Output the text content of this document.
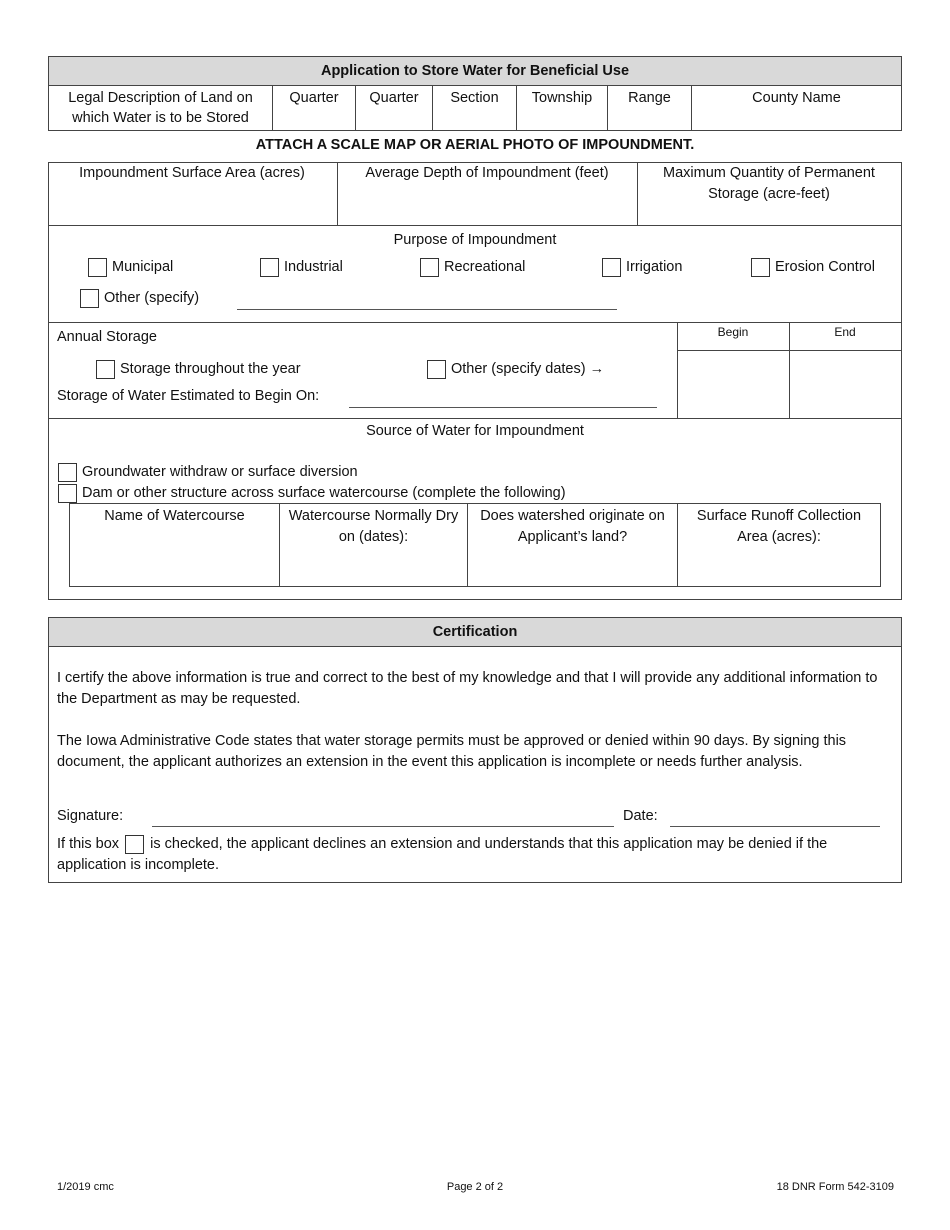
Application to Store Water for Beneficial Use
Legal Description of Land on which Water is to be Stored	Quarter	Quarter	Section	Township	Range	County Name
ATTACH A SCALE MAP OR AERIAL PHOTO OF IMPOUNDMENT.
Impoundment Surface Area (acres)	Average Depth of Impoundment (feet)	Maximum Quantity of Permanent Storage (acre-feet)
Purpose of Impoundment
Municipal	Industrial	Recreational	Irrigation	Erosion Control
Other (specify)
Annual Storage	Begin	End
Storage throughout the year	Other (specify dates) →
Storage of Water Estimated to Begin On:
Source of Water for Impoundment
Groundwater withdraw or surface diversion
Dam or other structure across surface watercourse (complete the following)
Name of Watercourse	Watercourse Normally Dry on (dates):	Does watershed originate on Applicant’s land?	Surface Runoff Collection Area (acres):
Certification
I certify the above information is true and correct to the best of my knowledge and that I will provide any additional information to the Department as may be requested.
The Iowa Administrative Code states that water storage permits must be approved or denied within 90 days. By signing this document, the applicant authorizes an extension in the event this application is incomplete or needs further analysis.
Signature:	Date:
If this box is checked, the applicant declines an extension and understands that this application may be denied if the application is incomplete.
1/2019 cmc	Page 2 of 2	18 DNR Form 542-3109
